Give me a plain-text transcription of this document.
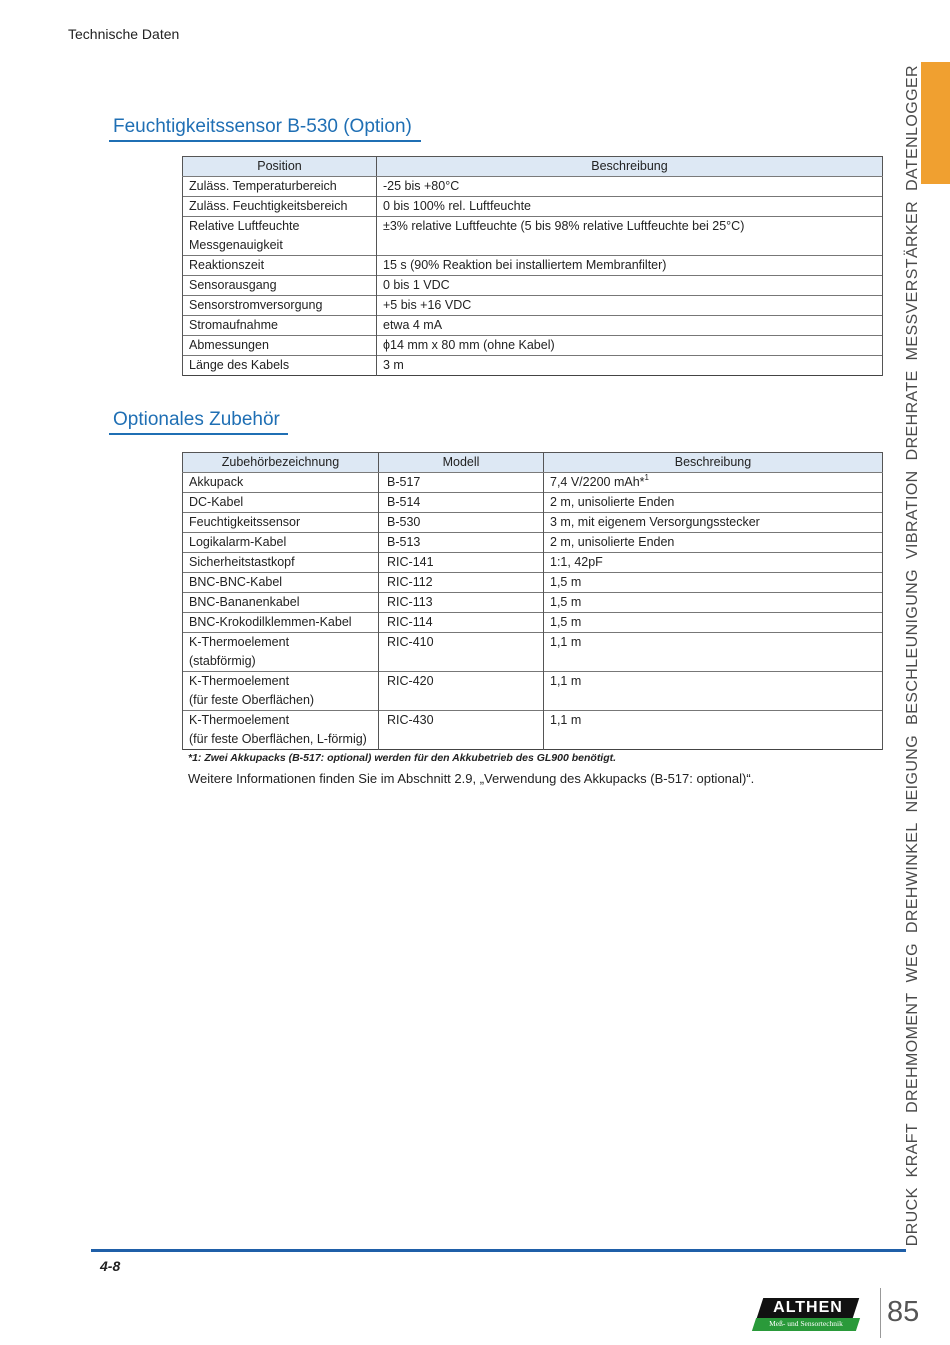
Technische Daten
Feuchtigkeitssensor B-530 (Option)
Position	Beschreibung
Zuläss. Temperaturbereich	-25 bis +80°C
Zuläss. Feuchtigkeitsbereich	0 bis 100% rel. Luftfeuchte

Relative Luftfeuchte
Messgenauigkeit	±3% relative Luftfeuchte (5 bis 98% relative Luftfeuchte bei 25°C)
Reaktionszeit	15 s (90% Reaktion bei installiertem Membranfilter)
Sensorausgang	0 bis 1 VDC
Sensorstromversorgung	+5 bis +16 VDC
Stromaufnahme	etwa 4 mA
Abmessungen	ϕ14 mm x 80 mm (ohne Kabel)
Länge des Kabels	3 m
Optionales Zubehör
Zubehörbezeichnung	Modell	Beschreibung
Akkupack	B-517	7,4 V/2200 mAh*$^1$
DC-Kabel	B-514	2 m, unisolierte Enden
Feuchtigkeitssensor	B-530	3 m, mit eigenem Versorgungsstecker
Logikalarm-Kabel	B-513	2 m, unisolierte Enden
Sicherheitstastkopf	RIC-141	1:1, 42pF
BNC-BNC-Kabel	RIC-112	1,5 m
BNC-Bananenkabel	RIC-113	1,5 m
BNC-Krokodilklemmen-Kabel	RIC-114	1,5 m

K-Thermoelement
(stabförmig)	RIC-410	1,1 m

K-Thermoelement
(für feste Oberflächen)	RIC-420	1,1 m

K-Thermoelement
(für feste Oberflächen, L-förmig)	RIC-430	1,1 m
*1: Zwei Akkupacks (B-517: optional) werden für den Akkubetrieb des GL900 benötigt.
Weitere Informationen finden Sie im Abschnitt 2.9, „Verwendung des Akkupacks (B-517: optional)“.
4-8
DATENLOGGER
MESSVERSTÄRKER
DREHRATE
VIBRATION
BESCHLEUNIGUNG
NEIGUNG
DREHWINKEL
WEG
DREHMOMENT
KRAFT
DRUCK
ALTHEN
Meß- und Sensortechnik	85
